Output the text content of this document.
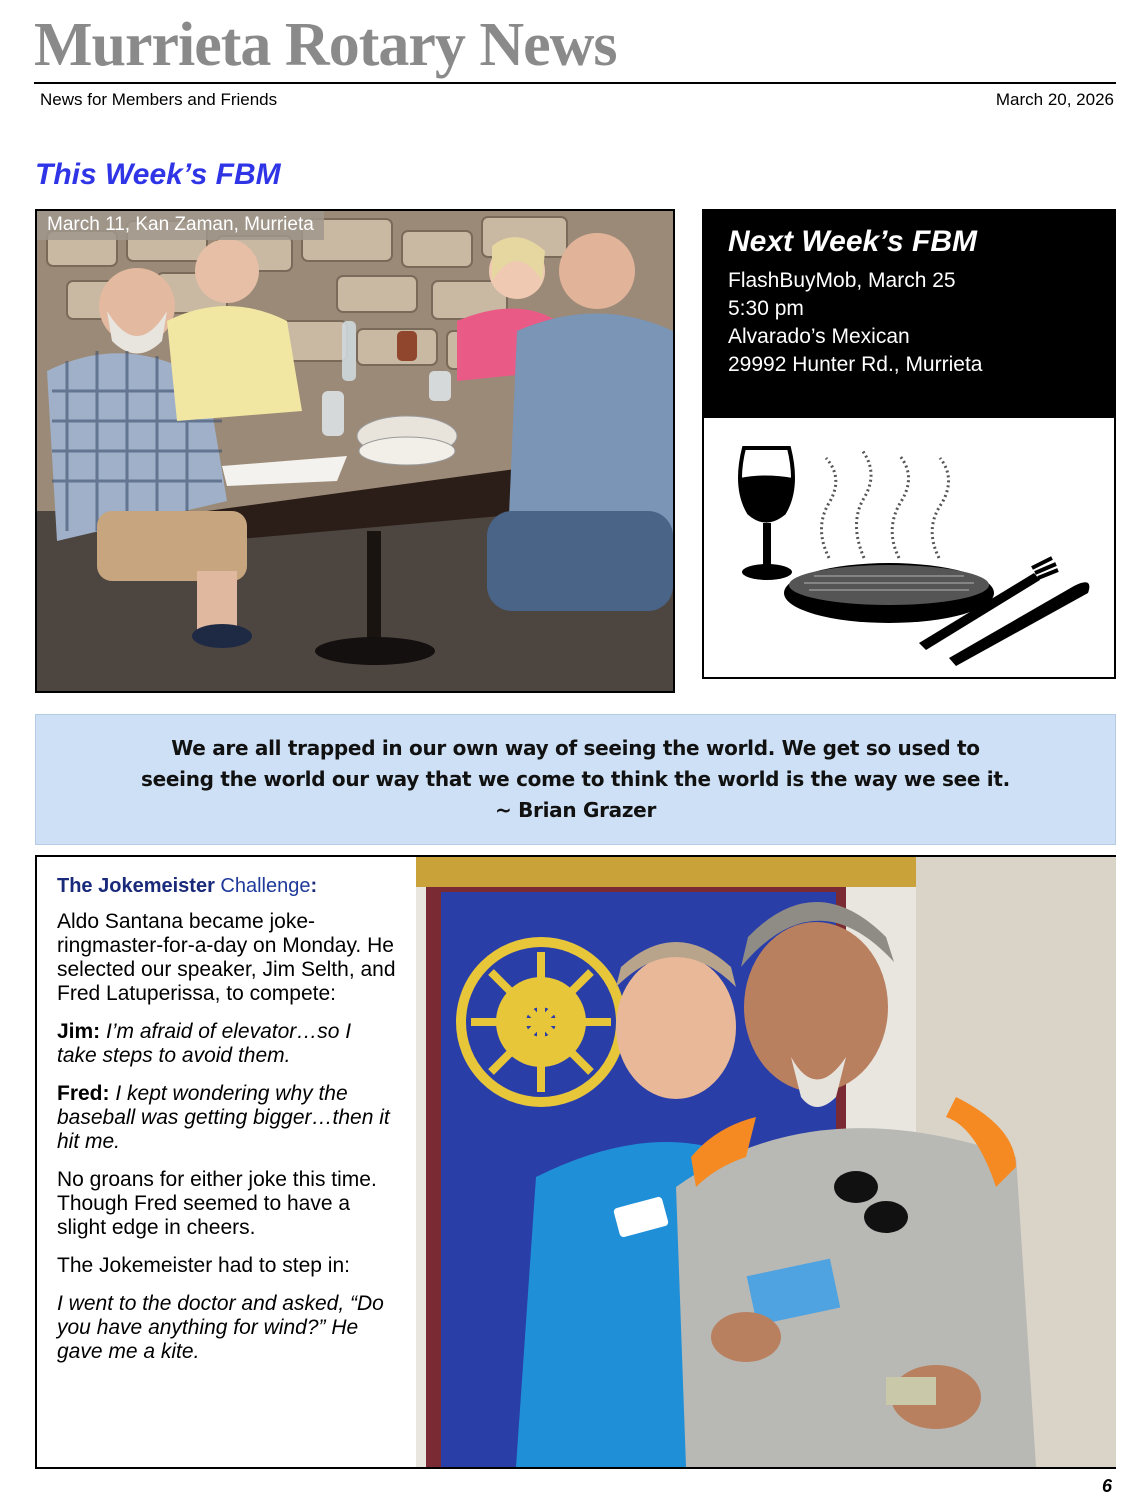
Murrieta Rotary News
News for Members and Friends	March 20, 2026
This Week’s FBM
March 11, Kan Zaman, Murrieta
Next Week’s FBM
FlashBuyMob, March 25
5:30 pm
Alvarado’s Mexican
29992 Hunter Rd., Murrieta
We are all trapped in our own way of seeing the world. We get so used to
seeing the world our way that we come to think the world is the way we see it.
~ Brian Grazer
The Jokemeister Challenge:

Aldo Santana became joke-ringmaster-for-a-day on Monday. He selected our speaker, Jim Selth, and Fred Latuperissa, to compete:

Jim: I’m afraid of elevator…so I take steps to avoid them.

Fred: I kept wondering why the baseball was getting bigger…then it hit me.

No groans for either joke this time. Though Fred seemed to have a slight edge in cheers.

The Jokemeister had to step in:

I went to the doctor and asked, “Do you have anything for wind?” He gave me a kite.

6
